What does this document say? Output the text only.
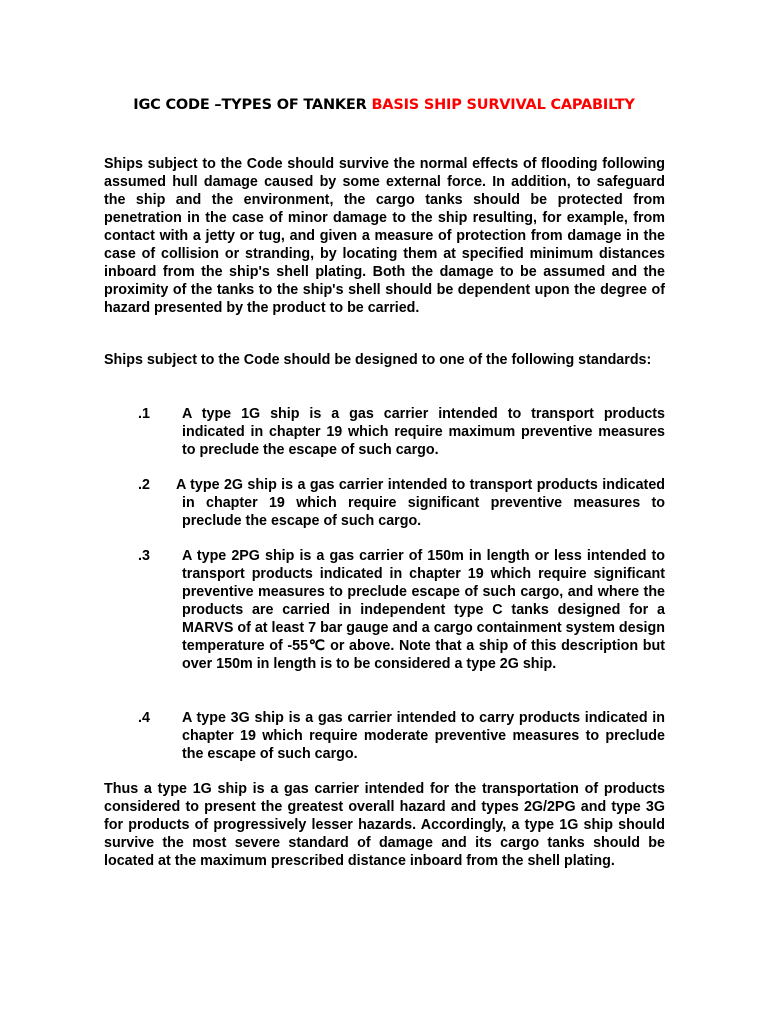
IGC CODE –TYPES OF TANKER BASIS SHIP SURVIVAL CAPABILTY

Ships subject to the Code should survive the normal effects of flooding following assumed hull damage caused by some external force. In addition, to safeguard the ship and the environment, the cargo tanks should be protected from penetration in the case of minor damage to the ship resulting, for example, from contact with a jetty or tug, and given a measure of protection from damage in the case of collision or stranding, by locating them at specified minimum distances inboard from the ship's shell plating. Both the damage to be assumed and the proximity of the tanks to the ship's shell should be dependent upon the degree of hazard presented by the product to be carried.

Ships subject to the Code should be designed to one of the following standards:

.1 A type 1G ship is a gas carrier intended to transport products indicated in chapter 19 which require maximum preventive measures to preclude the escape of such cargo.

.2 A type 2G ship is a gas carrier intended to transport products indicated in chapter 19 which require significant preventive measures to preclude the escape of such cargo.

.3 A type 2PG ship is a gas carrier of 150m in length or less intended to transport products indicated in chapter 19 which require significant preventive measures to preclude escape of such cargo, and where the products are carried in independent type C tanks designed for a MARVS of at least 7 bar gauge and a cargo containment system design temperature of -55℃ or above. Note that a ship of this description but over 150m in length is to be considered a type 2G ship.

.4 A type 3G ship is a gas carrier intended to carry products indicated in chapter 19 which require moderate preventive measures to preclude the escape of such cargo.

Thus a type 1G ship is a gas carrier intended for the transportation of products considered to present the greatest overall hazard and types 2G/2PG and type 3G for products of progressively lesser hazards. Accordingly, a type 1G ship should survive the most severe standard of damage and its cargo tanks should be located at the maximum prescribed distance inboard from the shell plating.
